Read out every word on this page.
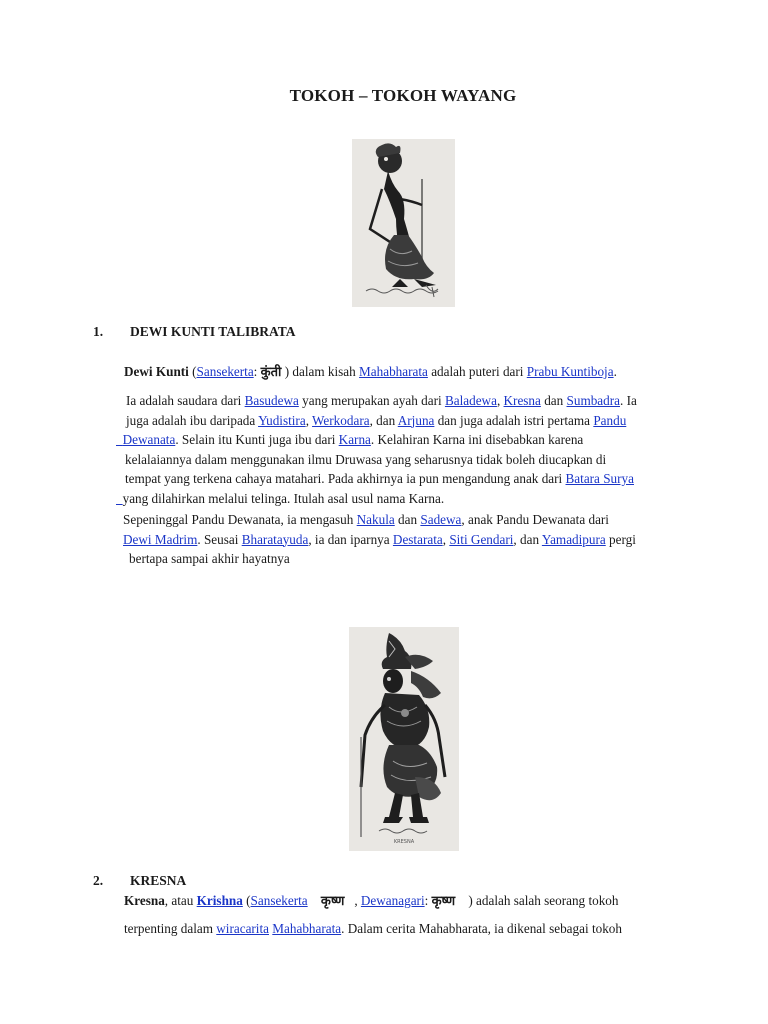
TOKOH – TOKOH WAYANG
1. DEWI KUNTI TALIBRATA
Dewi Kunti (Sansekerta: कुंती ) dalam kisah Mahabharata adalah puteri dari Prabu Kuntiboja.
Ia adalah saudara dari Basudewa yang merupakan ayah dari Baladewa, Kresna dan Sumbadra. Ia
juga adalah ibu daripada Yudistira, Werkodara, dan Arjuna dan juga adalah istri pertama Pandu
Dewanata. Selain itu Kunti juga ibu dari Karna. Kelahiran Karna ini disebabkan karena
kelalaiannya dalam menggunakan ilmu Druwasa yang seharusnya tidak boleh diucapkan di
tempat yang terkena cahaya matahari. Pada akhirnya ia pun mengandung anak dari Batara Surya
yang dilahirkan melalui telinga. Itulah asal usul nama Karna.
Sepeninggal Pandu Dewanata, ia mengasuh Nakula dan Sadewa, anak Pandu Dewanata dari
Dewi Madrim. Seusai Bharatayuda, ia dan iparnya Destarata, Siti Gendari, dan Yamadipura pergi
bertapa sampai akhir hayatnya
KRESNA
2. KRESNA
Kresna, atau Krishna (Sansekerta कृष्ण   , Dewanagari: कृष्ण    ) adalah salah seorang tokoh
terpenting dalam wiracarita Mahabharata. Dalam cerita Mahabharata, ia dikenal sebagai tokoh
